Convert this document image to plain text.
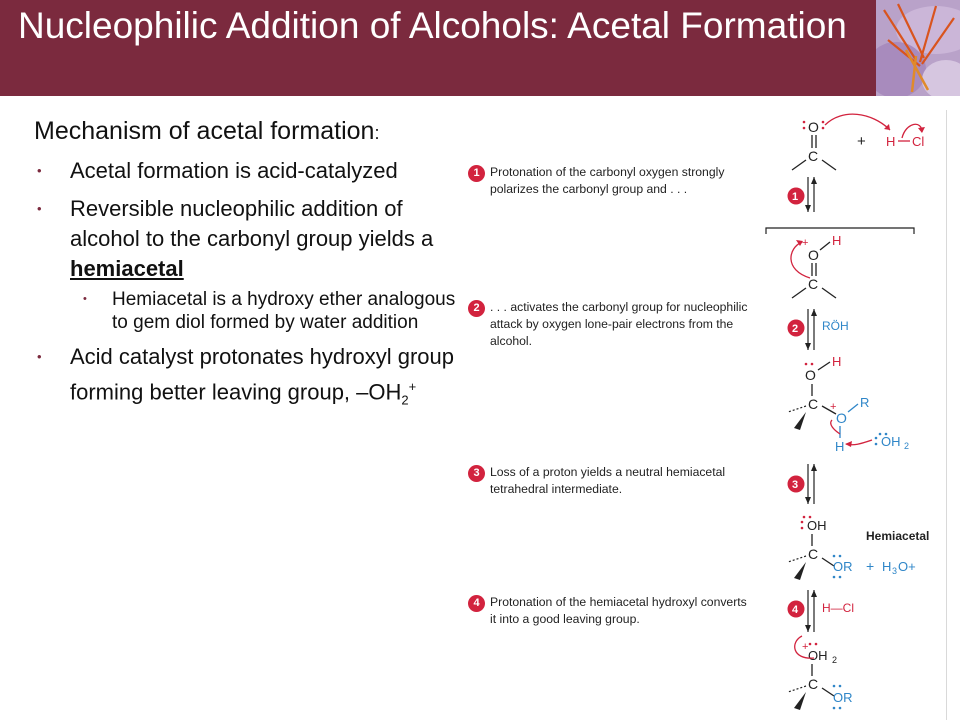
Nucleophilic Addition of Alcohols: Acetal Formation

Mechanism of acetal formation:

• Acetal formation is acid-catalyzed
• Reversible nucleophilic addition of alcohol to the carbonyl group yields a hemiacetal
• Hemiacetal is a hydroxy ether analogous to gem diol formed by water addition
• Acid catalyst protonates hydroxyl group forming better leaving group, $-OH_2^+$
1 Protonation of the carbonyl oxygen strongly polarizes the carbonyl group and . . .
2 . . . activates the carbonyl group for nucleophilic attack by oxygen lone-pair electrons from the alcohol.
3 Loss of a proton yields a neutral hemiacetal tetrahedral intermediate.
4 Protonation of the hemiacetal hydroxyl converts it into a good leaving group.
Hemiacetal
O
C
+ H Cl
1
O
+ H
C
2 RÖH
O
H
C
O
+ R
H	OH 2
3
OH
C
OR + H 3 O+
4 H—Cl
+
OH 2
C
OR
